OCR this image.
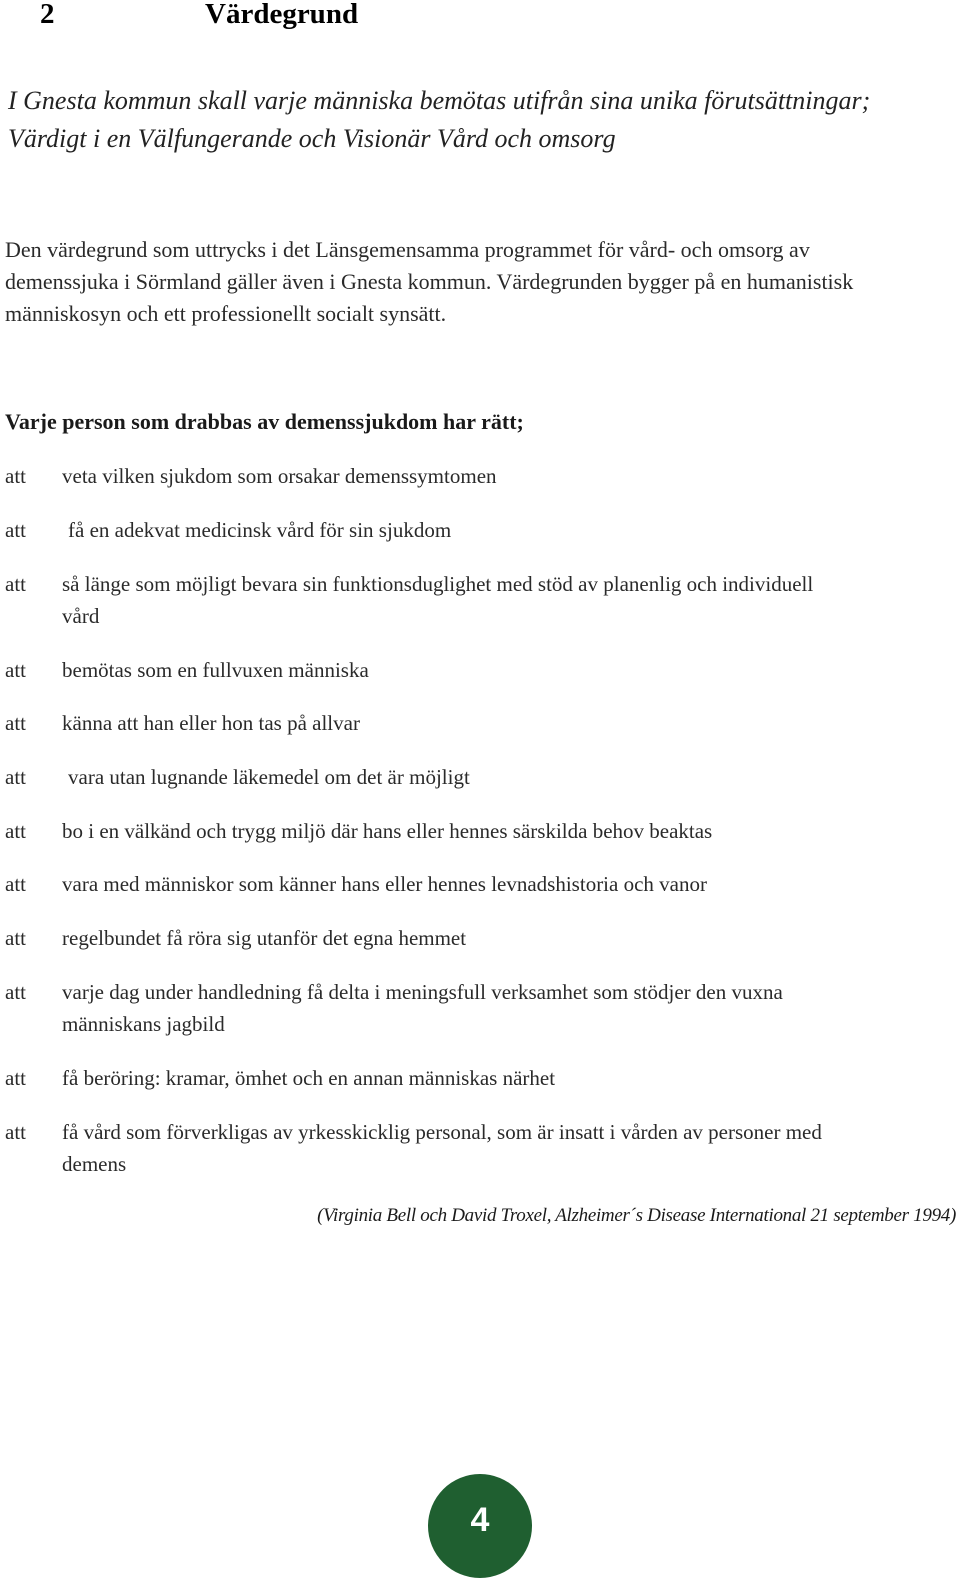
2	Värdegrund
I Gnesta kommun skall varje människa bemötas utifrån sina unika förutsättningar;
Värdigt i en Välfungerande och Visionär Vård och omsorg
Den värdegrund som uttrycks i det Länsgemensamma programmet för vård- och omsorg av
demenssjuka i Sörmland gäller även i Gnesta kommun. Värdegrunden bygger på en humanistisk
människosyn och ett professionellt socialt synsätt.
Varje person som drabbas av demenssjukdom har rätt;
att veta vilken sjukdom som orsakar demenssymtomen
att få en adekvat medicinsk vård för sin sjukdom
att så länge som möjligt bevara sin funktionsduglighet med stöd av planenlig och individuell
vård
att bemötas som en fullvuxen människa
att känna att han eller hon tas på allvar
att vara utan lugnande läkemedel om det är möjligt
att bo i en välkänd och trygg miljö där hans eller hennes särskilda behov beaktas
att vara med människor som känner hans eller hennes levnadshistoria och vanor
att regelbundet få röra sig utanför det egna hemmet
att varje dag under handledning få delta i meningsfull verksamhet som stödjer den vuxna
människans jagbild
att få beröring: kramar, ömhet och en annan människas närhet
att få vård som förverkligas av yrkesskicklig personal, som är insatt i vården av personer med
demens
(Virginia Bell och David Troxel, Alzheimer´s Disease International 21 september 1994)
4
